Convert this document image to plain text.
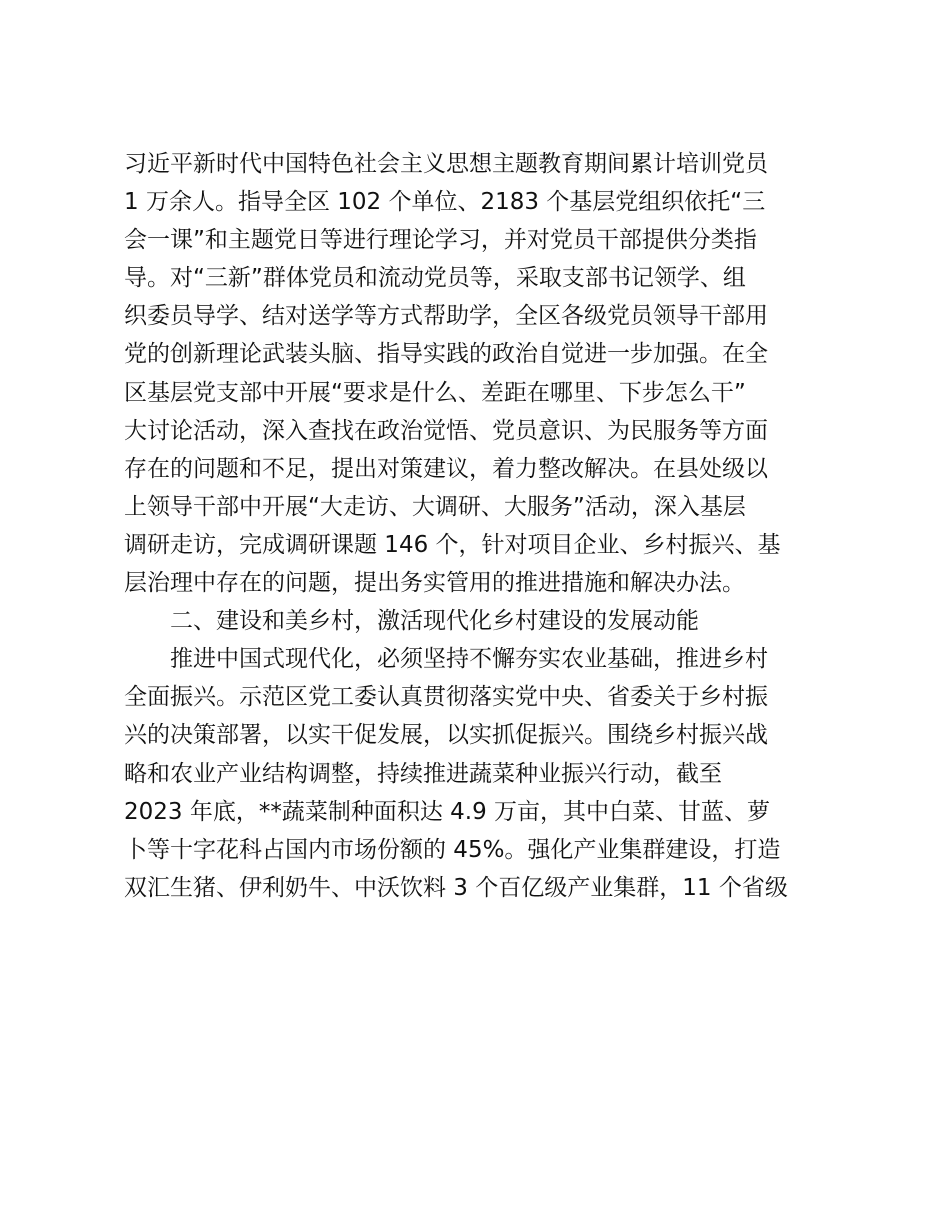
习近平新时代中国特色社会主义思想主题教育期间累计培训党员
1 万余人。指导全区 102 个单位、2183 个基层党组织依托“三
会一课”和主题党日等进行理论学习，并对党员干部提供分类指
导。对“三新”群体党员和流动党员等，采取支部书记领学、组
织委员导学、结对送学等方式帮助学，全区各级党员领导干部用
党的创新理论武装头脑、指导实践的政治自觉进一步加强。在全
区基层党支部中开展“要求是什么、差距在哪里、下步怎么干”
大讨论活动，深入查找在政治觉悟、党员意识、为民服务等方面
存在的问题和不足，提出对策建议，着力整改解决。在县处级以
上领导干部中开展“大走访、大调研、大服务”活动，深入基层
调研走访，完成调研课题 146 个，针对项目企业、乡村振兴、基
层治理中存在的问题，提出务实管用的推进措施和解决办法。
二、建设和美乡村，激活现代化乡村建设的发展动能
推进中国式现代化，必须坚持不懈夯实农业基础，推进乡村
全面振兴。示范区党工委认真贯彻落实党中央、省委关于乡村振
兴的决策部署，以实干促发展，以实抓促振兴。围绕乡村振兴战
略和农业产业结构调整，持续推进蔬菜种业振兴行动，截至
2023 年底，**蔬菜制种面积达 4.9 万亩，其中白菜、甘蓝、萝
卜等十字花科占国内市场份额的 45%。强化产业集群建设，打造
双汇生猪、伊利奶牛、中沃饮料 3 个百亿级产业集群，11 个省级
